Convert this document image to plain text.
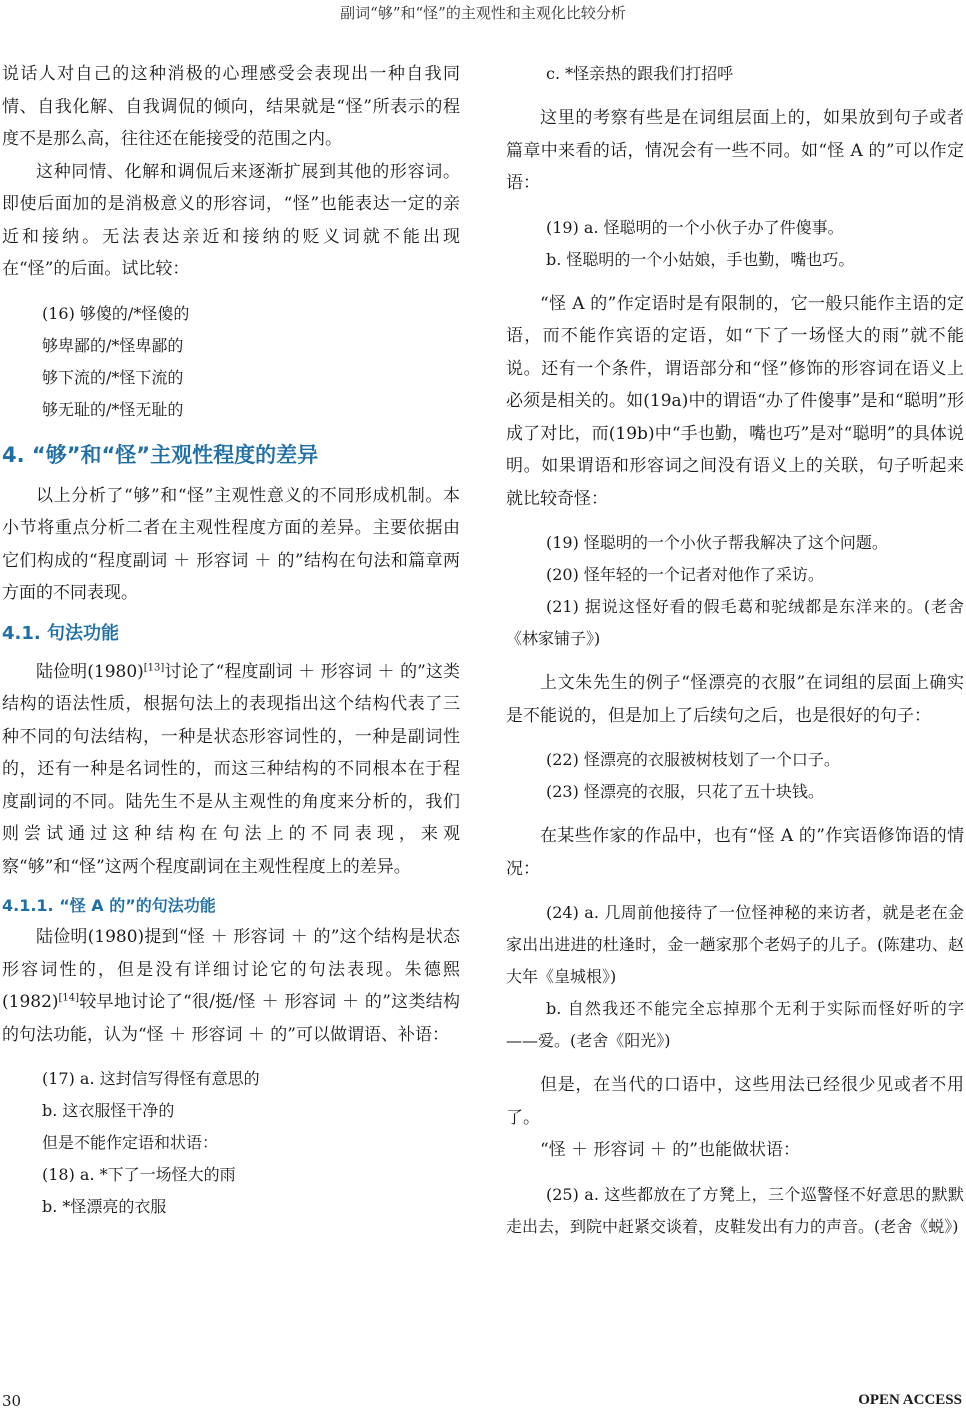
副词“够”和“怪”的主观性和主观化比较分析

说话人对自己的这种消极的心理感受会表现出一种自我同情、自我化解、自我调侃的倾向，结果就是“怪”所表示的程度不是那么高，往往还在能接受的范围之内。

这种同情、化解和调侃后来逐渐扩展到其他的形容词。即使后面加的是消极意义的形容词，“怪”也能表达一定的亲近和接纳。无法表达亲近和接纳的贬义词就不能出现在“怪”的后面。试比较：

(16) 够傻的/*怪傻的

够卑鄙的/*怪卑鄙的

够下流的/*怪下流的

够无耻的/*怪无耻的

4. “够”和“怪”主观性程度的差异

以上分析了“够”和“怪”主观性意义的不同形成机制。本小节将重点分析二者在主观性程度方面的差异。主要依据由它们构成的“程度副词 ＋ 形容词 ＋ 的”结构在句法和篇章两方面的不同表现。

4.1. 句法功能

陆俭明(1980)[13]讨论了“程度副词 ＋ 形容词 ＋ 的”这类结构的语法性质，根据句法上的表现指出这个结构代表了三种不同的句法结构，一种是状态形容词性的，一种是副词性的，还有一种是名词性的，而这三种结构的不同根本在于程度副词的不同。陆先生不是从主观性的角度来分析的，我们则尝试通过这种结构在句法上的不同表现，来观察“够”和“怪”这两个程度副词在主观性程度上的差异。

4.1.1. “怪 A 的”的句法功能

陆俭明(1980)提到“怪 ＋ 形容词 ＋ 的”这个结构是状态形容词性的，但是没有详细讨论它的句法表现。朱德熙(1982)[14]较早地讨论了“很/挺/怪 ＋ 形容词 ＋ 的”这类结构的句法功能，认为“怪 ＋ 形容词 ＋ 的”可以做谓语、补语：

(17) a. 这封信写得怪有意思的

b. 这衣服怪干净的

但是不能作定语和状语：

(18) a. *下了一场怪大的雨

b. *怪漂亮的衣服

c. *怪亲热的跟我们打招呼

这里的考察有些是在词组层面上的，如果放到句子或者篇章中来看的话，情况会有一些不同。如“怪 A 的”可以作定语：

(19) a. 怪聪明的一个小伙子办了件傻事。

b. 怪聪明的一个小姑娘，手也勤，嘴也巧。

“怪 A 的”作定语时是有限制的，它一般只能作主语的定语，而不能作宾语的定语，如“下了一场怪大的雨”就不能说。还有一个条件，谓语部分和“怪”修饰的形容词在语义上必须是相关的。如(19a)中的谓语“办了件傻事”是和“聪明”形成了对比，而(19b)中“手也勤，嘴也巧”是对“聪明”的具体说明。如果谓语和形容词之间没有语义上的关联，句子听起来就比较奇怪：

(19) 怪聪明的一个小伙子帮我解决了这个问题。

(20) 怪年轻的一个记者对他作了采访。

(21) 据说这怪好看的假毛葛和驼绒都是东洋来的。(老舍《林家铺子》)

上文朱先生的例子“怪漂亮的衣服”在词组的层面上确实是不能说的，但是加上了后续句之后，也是很好的句子：

(22) 怪漂亮的衣服被树枝划了一个口子。

(23) 怪漂亮的衣服，只花了五十块钱。

在某些作家的作品中，也有“怪 A 的”作宾语修饰语的情况：

(24) a. 几周前他接待了一位怪神秘的来访者，就是老在金家出出进进的杜逢时，金一趟家那个老妈子的儿子。(陈建功、赵大年《皇城根》)

b. 自然我还不能完全忘掉那个无利于实际而怪好听的字——爱。(老舍《阳光》)

但是，在当代的口语中，这些用法已经很少见或者不用了。

“怪 ＋ 形容词 ＋ 的”也能做状语：

(25) a. 这些都放在了方凳上，三个巡警怪不好意思的默默走出去，到院中赶紧交谈着，皮鞋发出有力的声音。(老舍《蜕》)

30	OPEN ACCESS
